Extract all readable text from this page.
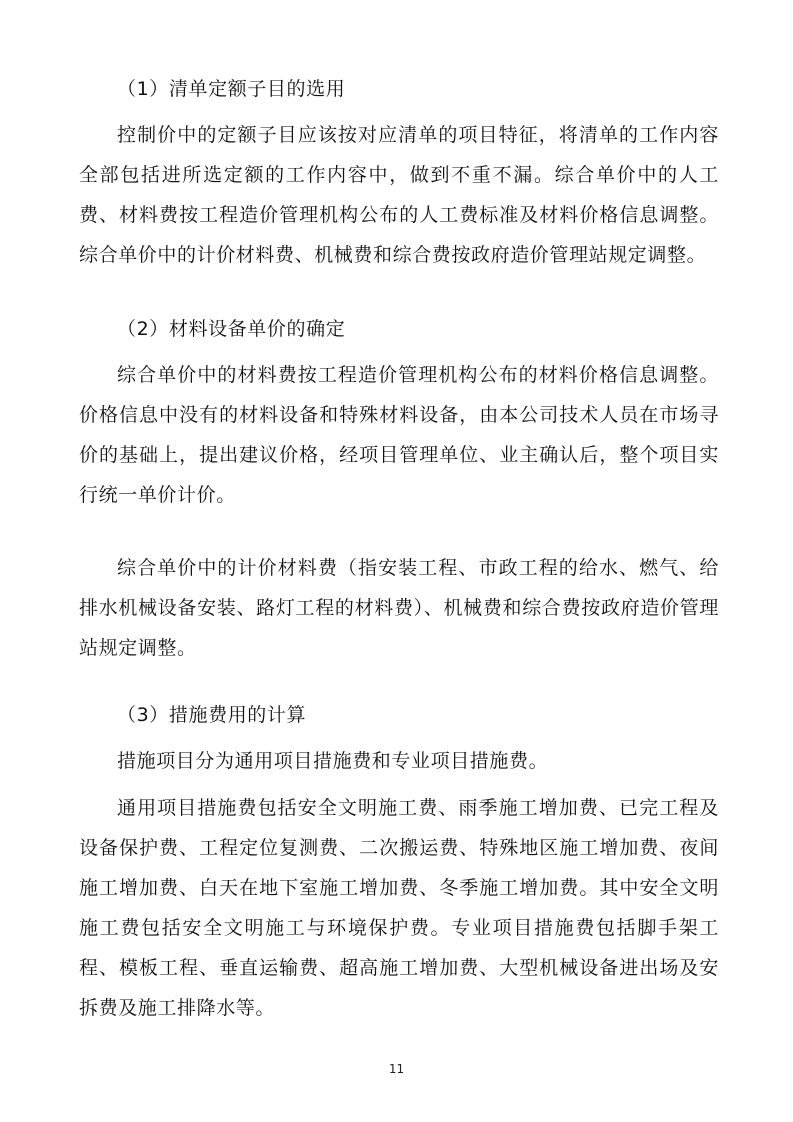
（1）清单定额子目的选用

控制价中的定额子目应该按对应清单的项目特征，将清单的工作内容全部包括进所选定额的工作内容中，做到不重不漏。综合单价中的人工费、材料费按工程造价管理机构公布的人工费标准及材料价格信息调整。综合单价中的计价材料费、机械费和综合费按政府造价管理站规定调整。

（2）材料设备单价的确定

综合单价中的材料费按工程造价管理机构公布的材料价格信息调整。价格信息中没有的材料设备和特殊材料设备，由本公司技术人员在市场寻价的基础上，提出建议价格，经项目管理单位、业主确认后，整个项目实行统一单价计价。

综合单价中的计价材料费（指安装工程、市政工程的给水、燃气、给排水机械设备安装、路灯工程的材料费）、机械费和综合费按政府造价管理站规定调整。

（3）措施费用的计算

措施项目分为通用项目措施费和专业项目措施费。

通用项目措施费包括安全文明施工费、雨季施工增加费、已完工程及设备保护费、工程定位复测费、二次搬运费、特殊地区施工增加费、夜间施工增加费、白天在地下室施工增加费、冬季施工增加费。其中安全文明施工费包括安全文明施工与环境保护费。专业项目措施费包括脚手架工程、模板工程、垂直运输费、超高施工增加费、大型机械设备进出场及安拆费及施工排降水等。

11
